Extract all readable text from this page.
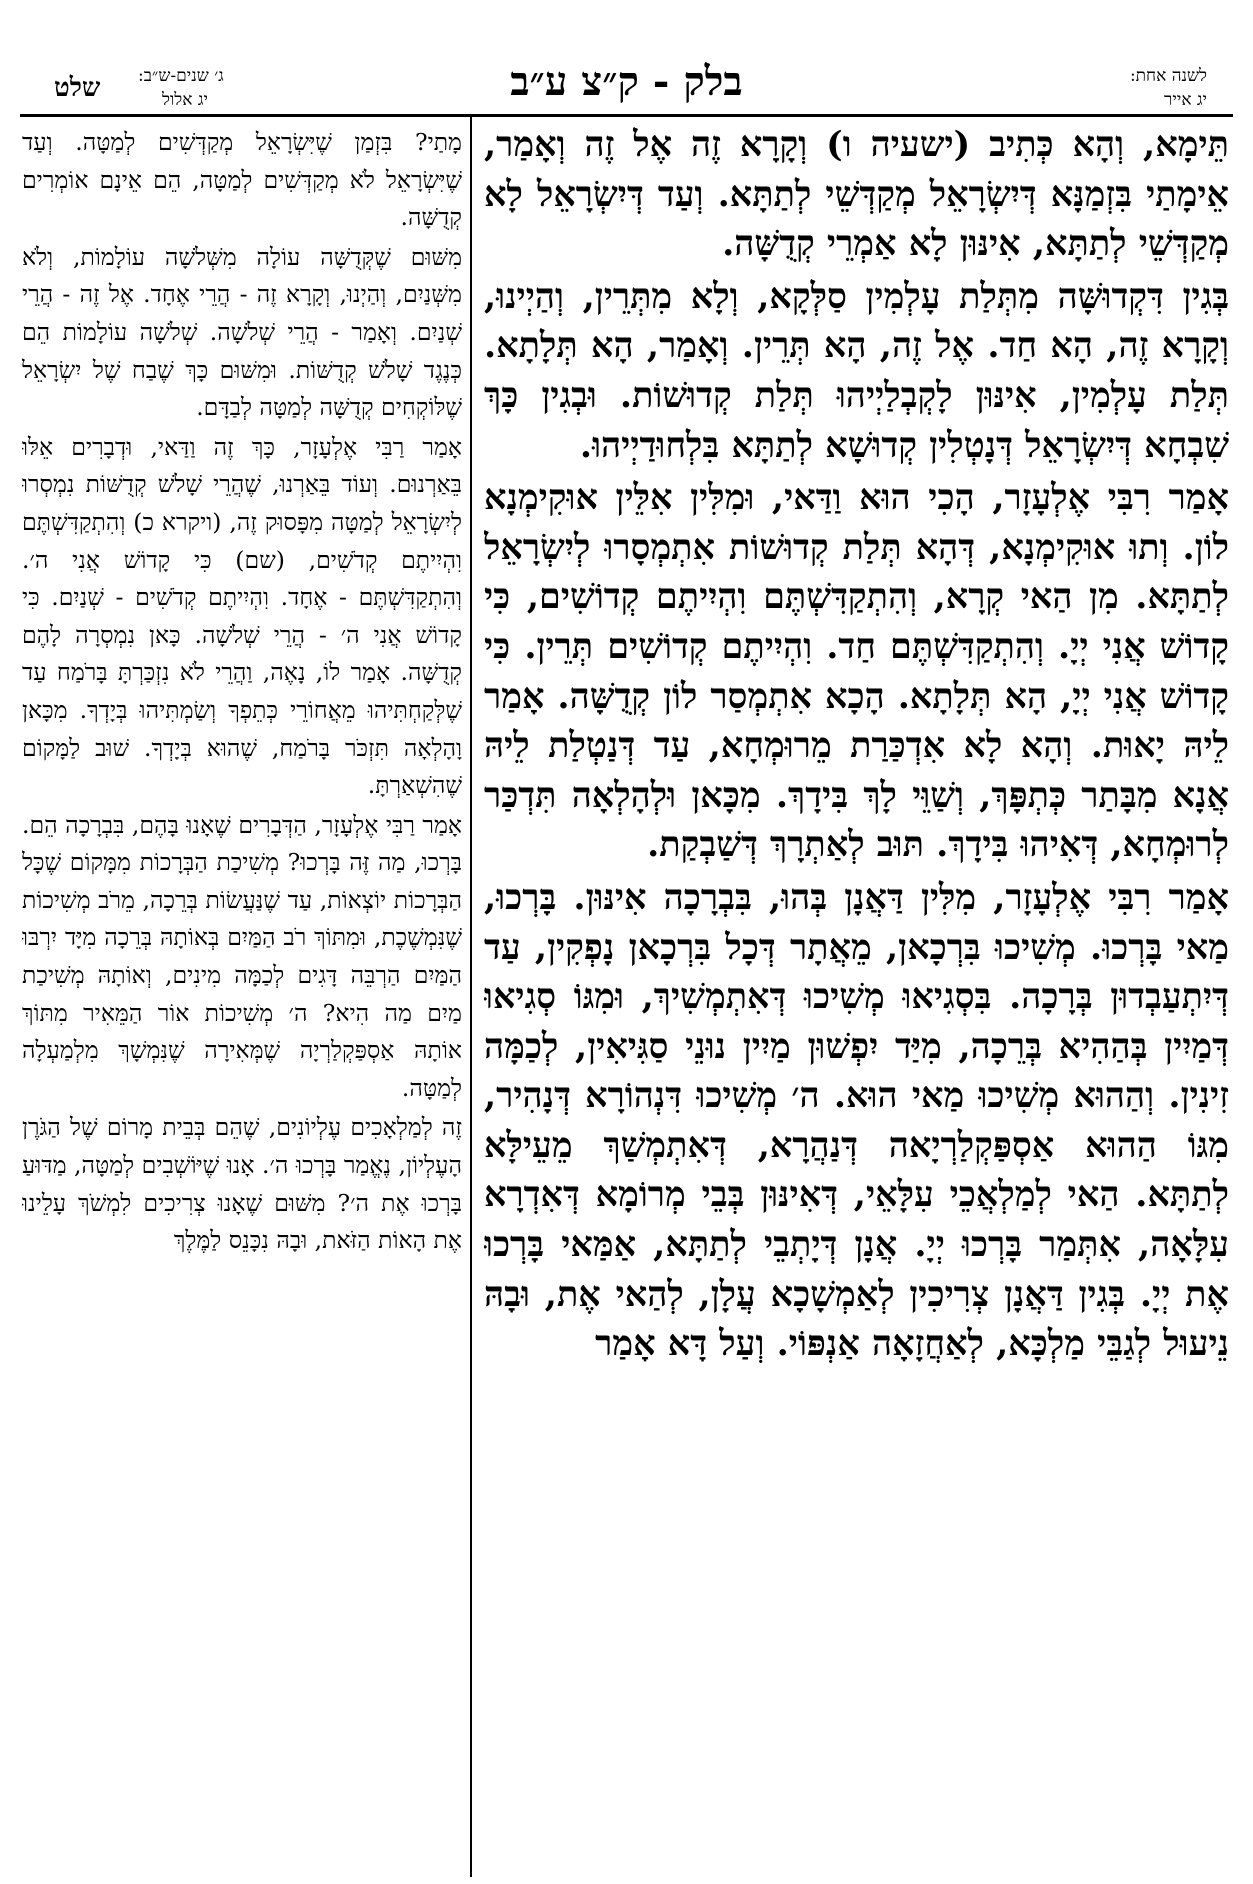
לשנה אחת:
יג אייר
בלק - ק״צ ע״ב
ג׳ שנים-ש״ב:
יג אלול
שלט

תֵּימָא, וְהָא כְּתִיב (ישעיה ו) וְקָרָא זֶה אֶל זֶה וְאָמַר, אֵימָתַי בִּזְמַנָּא דְּיִשְׂרָאֵל מְקַדְּשֵׁי לְתַתָּא. וְעַד דְּיִשְׂרָאֵל לָא מְקַדְּשֵׁי לְתַתָּא, אִינּוּן לָא אַמְרֵי קְדֻשָּׁה.

בְּגִין דִּקְדוּשָּׁה מִתְּלַת עָלְמִין סַלְּקָא, וְלָא מִתְּרֵין, וְהַיְינוּ, וְקָרָא זֶה, הָא חַד. אֶל זֶה, הָא תְּרֵין. וְאָמַר, הָא תְּלָתָא. תְּלַת עָלְמִין, אִינּוּן לָקְבְלַיְיהוּ תְּלַת קְדוּשׁוֹת. וּבְגִין כָּךְ שִׁבְחָא דְּיִשְׂרָאֵל דְּנָטְלִין קְדוּשָׁא לְתַתָּא בִּלְחוּדַיְיהוּ.

אָמַר רִבִּי אֶלְעָזָר, הָכִי הוּא וַדַּאי, וּמִלִּין אִלֵּין אוּקִימְנָא לוֹן. וְתוּ אוּקִימְנָא, דְּהָא תְּלַת קְדוּשׁוֹת אִתְמְסָרוּ לְיִשְׂרָאֵל לְתַתָּא. מִן הַאי קְרָא, וְהִתְקַדִּשְׁתֶּם וִהְיִיתֶם קְדוֹשִׁים, כִּי קָדוֹשׁ אֲנִי יְיָ. וְהִתְקַדִּשְׁתֶּם חַד. וִהְיִיתֶם קְדוֹשִׁים תְּרֵין. כִּי קָדוֹשׁ אֲנִי יְיָ, הָא תְּלָתָא. הָכָא אִתְמְסַר לוֹן קְדֻשָּׁה. אָמַר לֵיהּ יָאוּת. וְהָא לָא אִדְכַּרַת מֵרוּמְחָא, עַד דְּנַטְלַת לֵיהּ אֲנָא מִבָּתַר כְּתְפָּךְ, וְשַׁוֵּי לָךְ בִּידָךְ. מִכָּאן וּלְהָלְאָה תִּדְכַּר לְרוּמְחָא, דְּאִיהוּ בִּידָךְ. תּוּב לְאַתְרָךְ דְּשַׁבְקַת.

אָמַר רִבִּי אֶלְעָזָר, מִלִּין דַּאֲנָן בְּהוּ, בִּבְרָכָה אִינּוּן. בָּרְכוּ, מַאי בָּרְכוּ. מְשִׁיכוּ בִּרְכָאן, מֵאֲתָר דְּכָל בִּרְכָאן נָפְקִין, עַד דְּיִתְעַבְדוּן בְּרָכָה. בִּסְגִיאוּ מְשִׁיכוּ דְּאִתְמְשִׁיךְ, וּמִגּוֹ סְגִיאוּ דְּמַיִין בְּהַהִיא בְּרֵכָה, מִיַּד יִפְשׁוּן מַיִין נוּנֵי סַגִּיאִין, לְכַמָּה זִינִין. וְהַהוּא מְשִׁיכוּ מַאי הוּא. ה׳ מְשִׁיכוּ דִּנְהוֹרָא דְּנָהִיר, מִגּוֹ הַהוּא אַסְפַּקְלַרְיָאה דְּנַהֲרָא, דְּאִתְמְשַׁךְ מֵעֵילָּא לְתַתָּא. הַאי לְמַלְאֲכֵי עִלָּאֵי, דְּאִינּוּן בְּבֵי מְרוֹמָא דְּאִדְרָא עִלָּאָה, אִתְּמַר בָּרְכוּ יְיָ. אֲנָן דְּיָתְבֵי לְתַתָּא, אַמַּאי בָּרְכוּ אֶת יְיָ. בְּגִין דַּאֲנָן צְרִיכִין לְאַמְשָׁכָא עֲלָן, לְהַאי אֶת, וּבָהּ נֵיעוּל לְגַבֵּי מַלְכָּא, לְאַחֲזָאָה אַנְפּוֹי. וְעַל דָּא אָמַר

מָתַי? בִּזְמַן שֶׁיִּשְׂרָאֵל מְקַדְּשִׁים לְמַטָּה. וְעַד שֶׁיִּשְׂרָאֵל לֹא מְקַדְּשִׁים לְמַטָּה, הֵם אֵינָם אוֹמְרִים קְדֻשָּׁה.

מִשּׁוּם שֶׁקְּדֻשָּׁה עוֹלָה מִשְּׁלֹשָׁה עוֹלָמוֹת, וְלֹא מִשְּׁנַיִם, וְהַיְנוּ, וְקָרָא זֶה - הֲרֵי אֶחָד. אֶל זֶה - הֲרֵי שְׁנַיִם. וְאָמַר - הֲרֵי שְׁלֹשָׁה. שְׁלֹשָׁה עוֹלָמוֹת הֵם כְּנֶגֶד שָׁלֹשׁ קְדֻשּׁוֹת. וּמִשּׁוּם כָּךְ שֶׁבַח שֶׁל יִשְׂרָאֵל שֶׁלּוֹקְחִים קְדֻשָּׁה לְמַטָּה לְבַדָּם.

אָמַר רַבִּי אֶלְעָזָר, כָּךְ זֶה וַדַּאי, וּדְבָרִים אֵלּוּ בֵּאַרְנוּם. וְעוֹד בֵּאַרְנוּ, שֶׁהֲרֵי שָׁלֹשׁ קְדֻשּׁוֹת נִמְסְרוּ לְיִשְׂרָאֵל לְמַטָּה מִפָּסוּק זֶה, (ויקרא כ) וְהִתְקַדִּשְׁתֶּם וִהְיִיתֶם קְדֹשִׁים, (שם) כִּי קָדוֹשׁ אֲנִי ה׳. וְהִתְקַדִּשְׁתֶּם - אֶחָד. וִהְיִיתֶם קְדֹשִׁים - שְׁנַיִם. כִּי קָדוֹשׁ אֲנִי ה׳ - הֲרֵי שְׁלֹשָׁה. כָּאן נִמְסְרָה לָהֶם קְדֻשָּׁה. אָמַר לוֹ, נָאֶה, וַהֲרֵי לֹא נִזְכַּרְתָּ בָּרֹמַח עַד שֶׁלְּקַחְתִּיהוּ מֵאֲחוֹרֵי כְּתֵפְךָ וְשַׂמְתִּיהוּ בְּיָדְךָ. מִכָּאן וָהָלְאָה תִּזְכֹּר בָּרֹמַח, שֶׁהוּא בְּיָדְךָ. שׁוּב לַמָּקוֹם שֶׁהִשְׁאַרְתָּ.

אָמַר רַבִּי אֶלְעָזָר, הַדְּבָרִים שֶׁאָנוּ בָּהֶם, בִּבְרָכָה הֵם. בָּרְכוּ, מַה זֶּה בָּרְכוּ? מְשִׁיכַת הַבְּרָכוֹת מִמָּקוֹם שֶׁכָּל הַבְּרָכוֹת יוֹצְאוֹת, עַד שֶׁנַּעֲשׂוֹת בְּרֵכָה, מֵרֹב מְשִׁיכוֹת שֶׁנִּמְשֶׁכֶת, וּמִתּוֹךְ רֹב הַמַּיִם בְּאוֹתָהּ בְּרֵכָה מִיָּד יִרְבּוּ הַמַּיִם הַרְבֵּה דָּגִים לְכַמָּה מִינִים, וְאוֹתָהּ מְשִׁיכַת מַיִם מַה הִיא? ה׳ מְשִׁיכוֹת אוֹר הַמֵּאִיר מִתּוֹךְ אוֹתָהּ אַסְפַּקְלַרְיָה שֶׁמְּאִירָה שֶׁנִּמְשָׁךְ מִלְמַעְלָה לְמַטָּה.

זֶה לְמַלְאָכִים עֶלְיוֹנִים, שֶׁהֵם בְּבֵית מָרוֹם שֶׁל הַגֹּרֶן הָעֶלְיוֹן, נֶאֱמַר בָּרְכוּ ה׳. אָנוּ שֶׁיּוֹשְׁבִים לְמַטָּה, מַדּוּעַ בָּרְכוּ אֶת ה׳? מִשּׁוּם שֶׁאָנוּ צְרִיכִים לִמְשֹׁךְ עָלֵינוּ אֶת הָאוֹת הַזֹּאת, וּבָהּ נִכָּנֵס לַמֶּלֶךְ
